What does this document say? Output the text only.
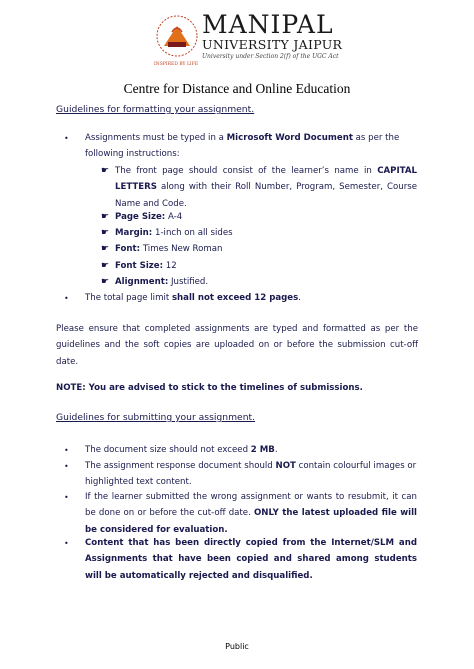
INSPIRED BY LIFE
MANIPAL
UNIVERSITY JAIPUR
University under Section 2(f) of the UGC Act
Centre for Distance and Online Education
Guidelines for formatting your assignment.
• Assignments must be typed in a Microsoft Word Document as per the following instructions:
☛ The front page should consist of the learner’s name in CAPITAL LETTERS along with their Roll Number, Program, Semester, Course Name and Code.
☛ Page Size: A-4
☛ Margin: 1-inch on all sides
☛ Font: Times New Roman
☛ Font Size: 12
☛ Alignment: Justified.
• The total page limit shall not exceed 12 pages.
Please ensure that completed assignments are typed and formatted as per the guidelines and the soft copies are uploaded on or before the submission cut-off date.
NOTE: You are advised to stick to the timelines of submissions.
Guidelines for submitting your assignment.
• The document size should not exceed 2 MB.
• The assignment response document should NOT contain colourful images or highlighted text content.
• If the learner submitted the wrong assignment or wants to resubmit, it can be done on or before the cut-off date. ONLY the latest uploaded file will be considered for evaluation.
• Content that has been directly copied from the Internet/SLM and Assignments that have been copied and shared among students will be automatically rejected and disqualified.
Public
